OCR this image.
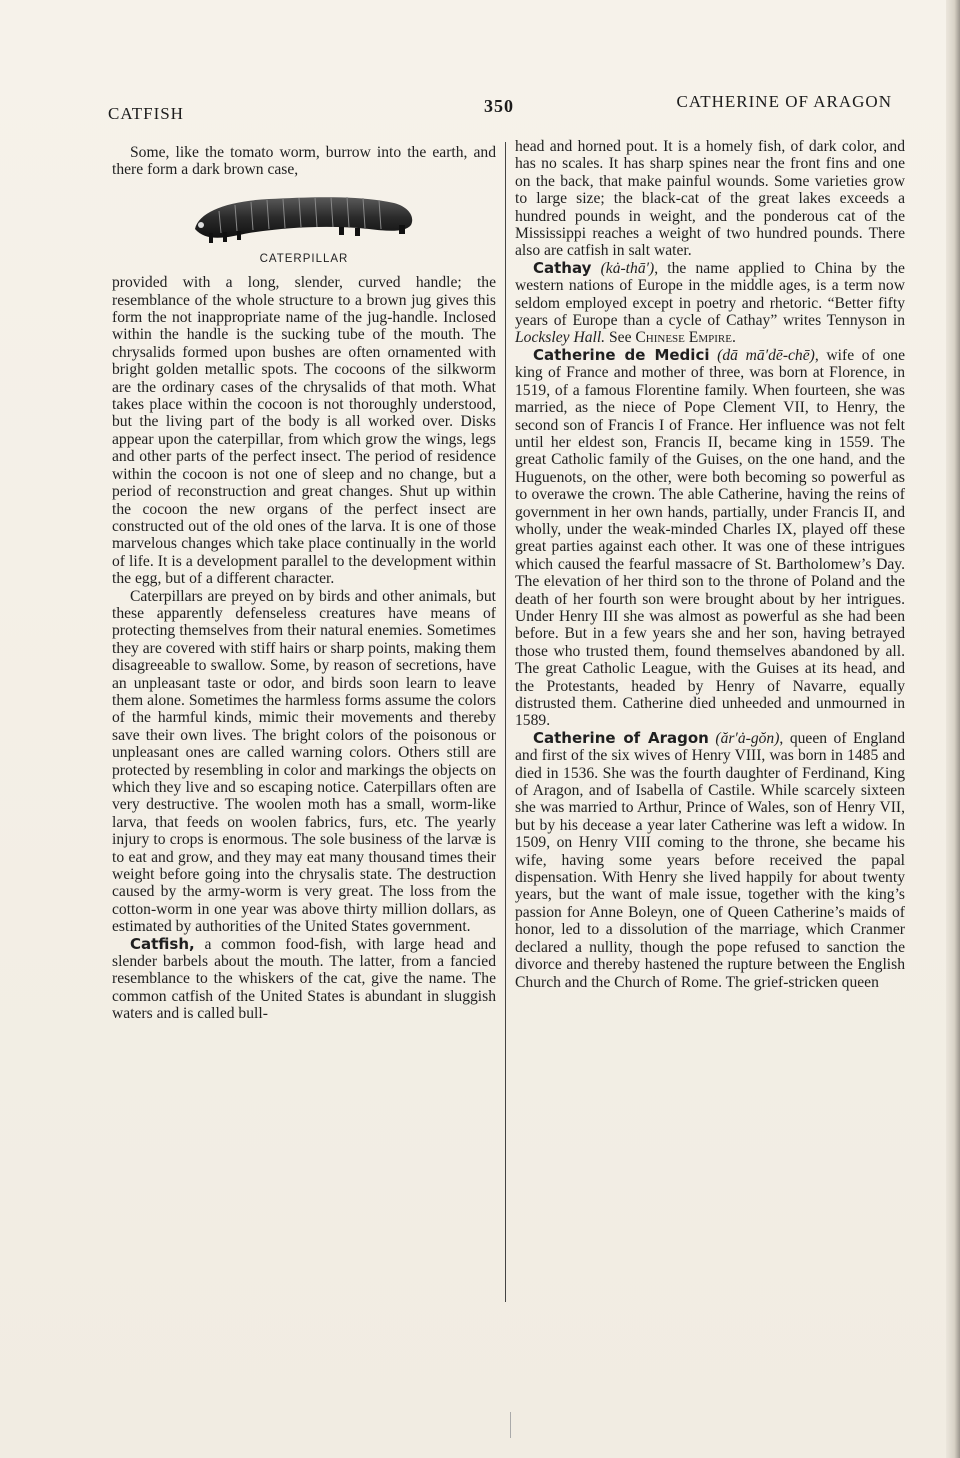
CATFISH	350	CATHERINE OF ARAGON

Some, like the tomato worm, burrow into the earth, and there form a dark brown case,

CATERPILLAR

provided with a long, slender, curved handle; the resemblance of the whole structure to a brown jug gives this form the not inappropriate name of the jug-handle. Inclosed within the handle is the sucking tube of the mouth. The chrysalids formed upon bushes are often ornamented with bright golden metallic spots. The cocoons of the silkworm are the ordinary cases of the chrysalids of that moth. What takes place within the cocoon is not thoroughly understood, but the living part of the body is all worked over. Disks appear upon the caterpillar, from which grow the wings, legs and other parts of the perfect insect. The period of residence within the cocoon is not one of sleep and no change, but a period of reconstruction and great changes. Shut up within the cocoon the new organs of the perfect insect are constructed out of the old ones of the larva. It is one of those marvelous changes which take place continually in the world of life. It is a development parallel to the development within the egg, but of a different character.

Caterpillars are preyed on by birds and other animals, but these apparently defenseless creatures have means of protecting themselves from their natural enemies. Sometimes they are covered with stiff hairs or sharp points, making them disagreeable to swallow. Some, by reason of secretions, have an unpleasant taste or odor, and birds soon learn to leave them alone. Sometimes the harmless forms assume the colors of the harmful kinds, mimic their movements and thereby save their own lives. The bright colors of the poisonous or unpleasant ones are called warning colors. Others still are protected by resembling in color and markings the objects on which they live and so escaping notice. Caterpillars often are very destructive. The woolen moth has a small, worm-like larva, that feeds on woolen fabrics, furs, etc. The yearly injury to crops is enormous. The sole business of the larvæ is to eat and grow, and they may eat many thousand times their weight before going into the chrysalis state. The destruction caused by the army-worm is very great. The loss from the cotton-worm in one year was above thirty million dollars, as estimated by authorities of the United States government.

Catfish, a common food-fish, with large head and slender barbels about the mouth. The latter, from a fancied resemblance to the whiskers of the cat, give the name. The common catfish of the United States is abundant in sluggish waters and is called bull-

head and horned pout. It is a homely fish, of dark color, and has no scales. It has sharp spines near the front fins and one on the back, that make painful wounds. Some varieties grow to large size; the black-cat of the great lakes exceeds a hundred pounds in weight, and the ponderous cat of the Mississippi reaches a weight of two hundred pounds. There also are catfish in salt water.

Cathay (kȧ-thā′), the name applied to China by the western nations of Europe in the middle ages, is a term now seldom employed except in poetry and rhetoric. “Better fifty years of Europe than a cycle of Cathay” writes Tennyson in Locksley Hall. See Chinese Empire.

Catherine de Medici (dā mā′dē-chē), wife of one king of France and mother of three, was born at Florence, in 1519, of a famous Florentine family. When fourteen, she was married, as the niece of Pope Clement VII, to Henry, the second son of Francis I of France. Her influence was not felt until her eldest son, Francis II, became king in 1559. The great Catholic family of the Guises, on the one hand, and the Huguenots, on the other, were both becoming so powerful as to overawe the crown. The able Catherine, having the reins of government in her own hands, partially, under Francis II, and wholly, under the weak-minded Charles IX, played off these great parties against each other. It was one of these intrigues which caused the fearful massacre of St. Bartholomew’s Day. The elevation of her third son to the throne of Poland and the death of her fourth son were brought about by her intrigues. Under Henry III she was almost as powerful as she had been before. But in a few years she and her son, having betrayed those who trusted them, found themselves abandoned by all. The great Catholic League, with the Guises at its head, and the Protestants, headed by Henry of Navarre, equally distrusted them. Catherine died unheeded and unmourned in 1589.

Catherine of Aragon (ăr′ȧ-gŏn), queen of England and first of the six wives of Henry VIII, was born in 1485 and died in 1536. She was the fourth daughter of Ferdinand, King of Aragon, and of Isabella of Castile. While scarcely sixteen she was married to Arthur, Prince of Wales, son of Henry VII, but by his decease a year later Catherine was left a widow. In 1509, on Henry VIII coming to the throne, she became his wife, having some years before received the papal dispensation. With Henry she lived happily for about twenty years, but the want of male issue, together with the king’s passion for Anne Boleyn, one of Queen Catherine’s maids of honor, led to a dissolution of the marriage, which Cranmer declared a nullity, though the pope refused to sanction the divorce and thereby hastened the rupture between the English Church and the Church of Rome. The grief-stricken queen
